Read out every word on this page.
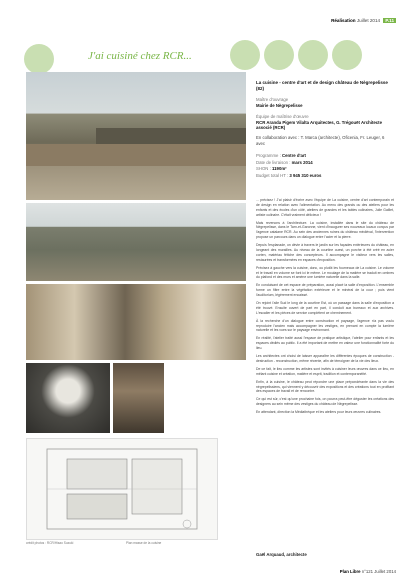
Réalisation Juillet 2014 P.11
J'ai cuisiné chez RCR...
crédit photos : RCR/Hisao Suzuki	Plan masse de la cuisine
La cuisine - centre d'art et de design château de Nègrepelisse (82)
Maître d'ouvrage
Mairie de Nègrepelisse
Équipe de maîtrise d'œuvre
RCR Aranda Pigem Vilalta Arquitectes, G. Trégouët Architecte associé (RCR)
En collaboration avec : T. Marca (architecte), Oficenia, Fr. Leuger, 6 avec
Programme : Centre d'art
Date de livraison : mars 2014
SHON : 1190m²
Budget total HT : 3 945 310 euros

... précisez ! J'ai plaisir d'écrire avec l'équipe de La cuisine, centre d'art contemporain et de design en relation avec l'alimentation. Au menu des grands ou des ateliers pour les enfants et des écoles d'un côté, ateliers de grandes et les tables culinaires, Julie Gaillet, artiste culinaire. C'était vraiment délicieux !

Mais revenons à l'architecture. La cuisine, installée dans le site du château de Nègrepelisse, dans le Tarn-et-Garonne, vient d'inaugurer ses nouveaux locaux conçus par l'agence catalane RCR. Au sein des anciennes ruines du château médiéval, l'intervention propose un parcours dans un dialogue entre l'acier et la pierre.

Depuis l'esplanade, on dévie à travers le jardin sur les façades extérieures du château, en longeant des murailles. Au niveau de la courtine ouest, un porche à été créé en acier corten, matériau fétiche des concepteurs. Il accompagne le visiteur vers les salles, restaurées et transformées en espaces d'exposition.

Précisez à gauche vers la cuisine, donc, ou plutôt les fourneaux de La cuisine. Le volume et le travail en volume se font ici le même. Le moulage de la matière se traduit en ombres du plafond et des murs et amène une lumière naturelle dans la salle.

En conduisant de cet espace de préparation, aussi placé la salle d'exposition. L'ensemble forme un filtre entre la végétation extérieure et le minéral de la cour ; puis vient l'auditorium, légèrement encaissé.

On rejoint l'aile Sud le long de la courtine Est, où un passage dans la salle d'exposition a été trouvé. Ensuite ouvert de part en part, il conduit aux bureaux et aux archives. L'escalier et les pièces de service complètent ce cheminement.

À la recherche d'un dialogue entre construction et paysage, l'agence n'a pas voulu reproduire l'ancien mais accompagner les vestiges, en prenant en compte la lumière naturelle et les vues sur le paysage environnant.

En réalité, l'atelier traité aussi l'espace de pratique artistique, l'atelier pour enfants et les espaces dédiés au public. Il a été important de mettre en valeur une fonctionnalité forte du lieu.

Les architectes ont choisi de laisser apparaître les différentes époques de construction - destruction - reconstruction, même récente, afin de témoigner de la vie des lieux.

De ce fait, le lieu comme les artistes sont invités à cuisiner leurs œuvres dans ce lieu, en mêlant cuisine et création, matière et esprit, tradition et contemporanéité.

Enfin, à la cuisine, le château peut répondre une place prépondérante dans la vie des nègrepelissiens, qui viennent y découvrir des expositions et des créations tout en profitant des espaces de travail et de rencontre.

Ce qui est sûr, c'est qu'une prochaine fois, on pourra peut-être déguster les créations des designers au sein même des vestiges du château de Nègrepelisse.

En attendant, direction la Médiathèque et les ateliers pour leurs œuvres culinaires.

Gaël Arquaud, architecte
Plan Libre n°121 Juillet 2014
